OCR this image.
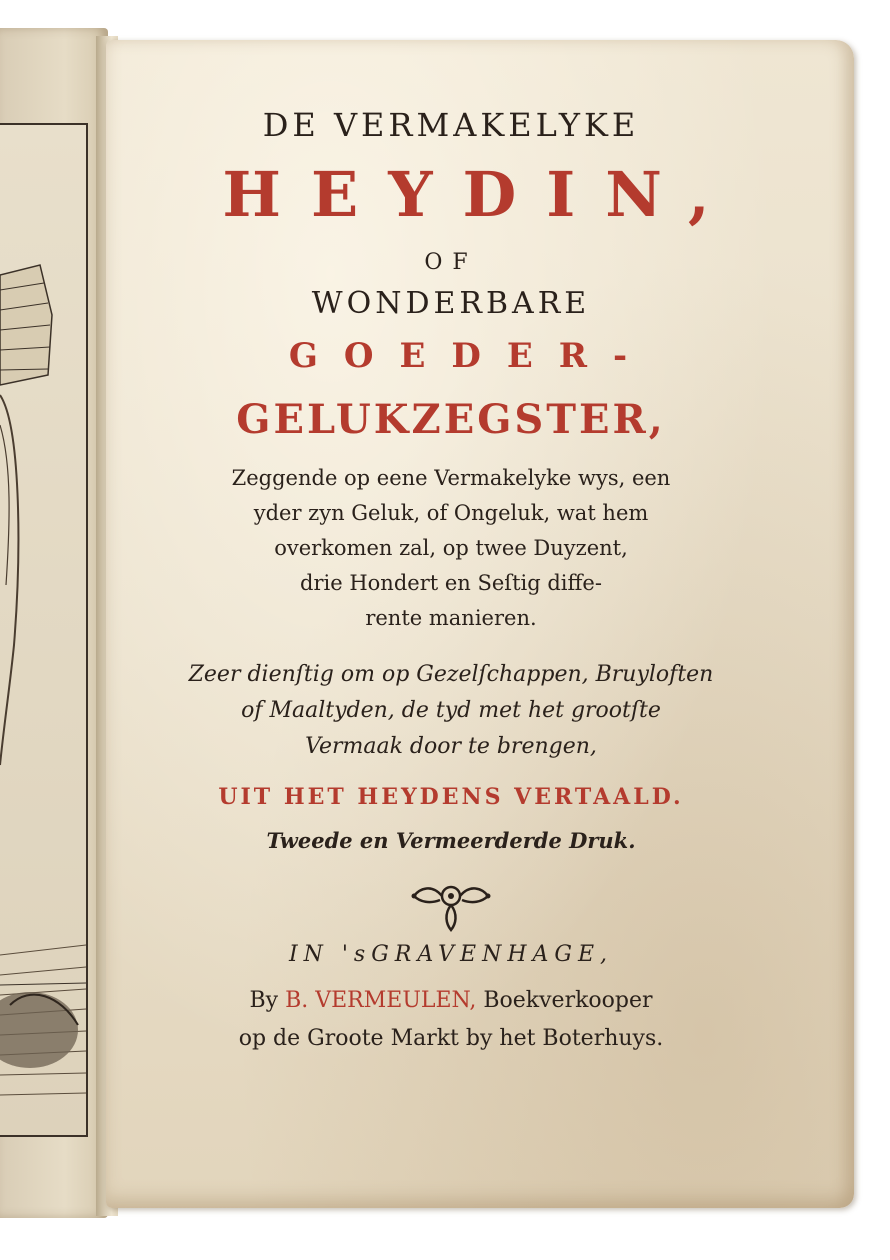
DE VERMAKELYKE
HEYDIN,
OF
WONDERBARE
GOEDER-
GELUKZEGSTER,
Zeggende op eene Vermakelyke wys, een
yder zyn Geluk, of Ongeluk, wat hem
overkomen zal, op twee Duyzent,
drie Hondert en Seſtig diffe-
rente manieren.
Zeer dienſtig om op Gezelſchappen, Bruyloften
of Maaltyden, de tyd met het grootſte
Vermaak door te brengen,
UIT HET HEYDENS VERTAALD.
Tweede en Vermeerderde Druk.
IN 'sGRAVENHAGE,
By B. VERMEULEN, Boekverkooper
op de Groote Markt by het Boterhuys.
